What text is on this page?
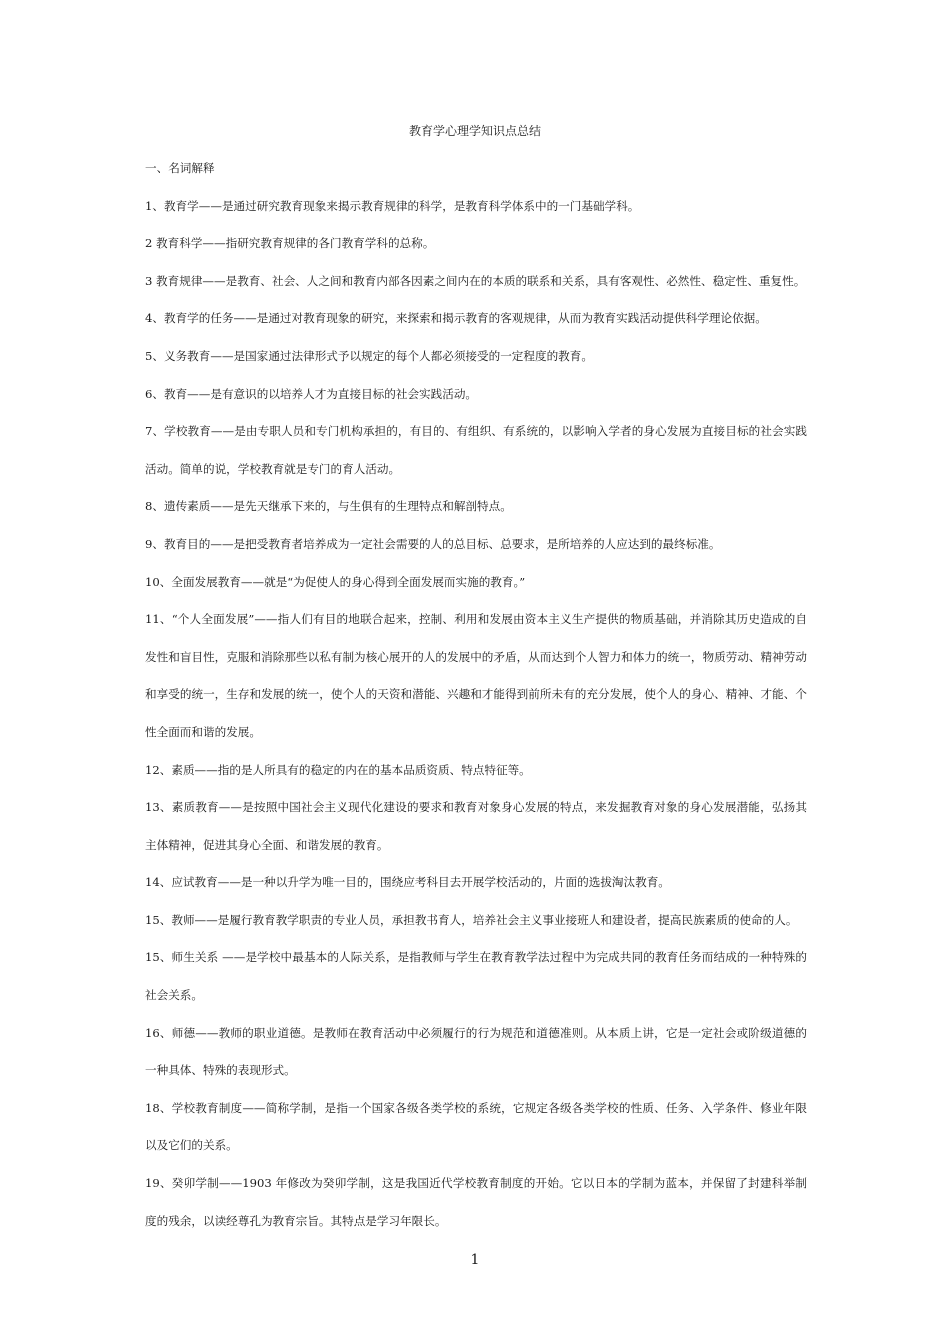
教育学心理学知识点总结

一、名词解释

1、教育学——是通过研究教育现象来揭示教育规律的科学，是教育科学体系中的一门基础学科。

2 教育科学——指研究教育规律的各门教育学科的总称。

3 教育规律——是教育、社会、人之间和教育内部各因素之间内在的本质的联系和关系，具有客观性、必然性、稳定性、重复性。

4、教育学的任务——是通过对教育现象的研究，来探索和揭示教育的客观规律，从而为教育实践活动提供科学理论依据。

5、义务教育——是国家通过法律形式予以规定的每个人都必须接受的一定程度的教育。

6、教育——是有意识的以培养人才为直接目标的社会实践活动。

7、学校教育——是由专职人员和专门机构承担的，有目的、有组织、有系统的，以影响入学者的身心发展为直接目标的社会实践活动。简单的说，学校教育就是专门的育人活动。

8、遗传素质——是先天继承下来的，与生俱有的生理特点和解剖特点。

9、教育目的——是把受教育者培养成为一定社会需要的人的总目标、总要求，是所培养的人应达到的最终标准。

10、全面发展教育——就是“为促使人的身心得到全面发展而实施的教育。”

11、“个人全面发展”——指人们有目的地联合起来，控制、利用和发展由资本主义生产提供的物质基础，并消除其历史造成的自发性和盲目性，克服和消除那些以私有制为核心展开的人的发展中的矛盾，从而达到个人智力和体力的统一，物质劳动、精神劳动和享受的统一，生存和发展的统一，使个人的天资和潜能、兴趣和才能得到前所未有的充分发展，使个人的身心、精神、才能、个性全面而和谐的发展。

12、素质——指的是人所具有的稳定的内在的基本品质资质、特点特征等。

13、素质教育——是按照中国社会主义现代化建设的要求和教育对象身心发展的特点，来发掘教育对象的身心发展潜能，弘扬其主体精神，促进其身心全面、和谐发展的教育。

14、应试教育——是一种以升学为唯一目的，围绕应考科目去开展学校活动的，片面的选拔淘汰教育。

15、教师——是履行教育教学职责的专业人员，承担教书育人，培养社会主义事业接班人和建设者，提高民族素质的使命的人。

15、师生关系 ——是学校中最基本的人际关系，是指教师与学生在教育教学法过程中为完成共同的教育任务而结成的一种特殊的社会关系。

16、师德——教师的职业道德。是教师在教育活动中必须履行的行为规范和道德准则。从本质上讲，它是一定社会或阶级道德的一种具体、特殊的表现形式。

18、学校教育制度——简称学制，是指一个国家各级各类学校的系统，它规定各级各类学校的性质、任务、入学条件、修业年限以及它们的关系。

19、癸卯学制——1903 年修改为癸卯学制，这是我国近代学校教育制度的开始。它以日本的学制为蓝本，并保留了封建科举制度的残余，以读经尊孔为教育宗旨。其特点是学习年限长。

1
